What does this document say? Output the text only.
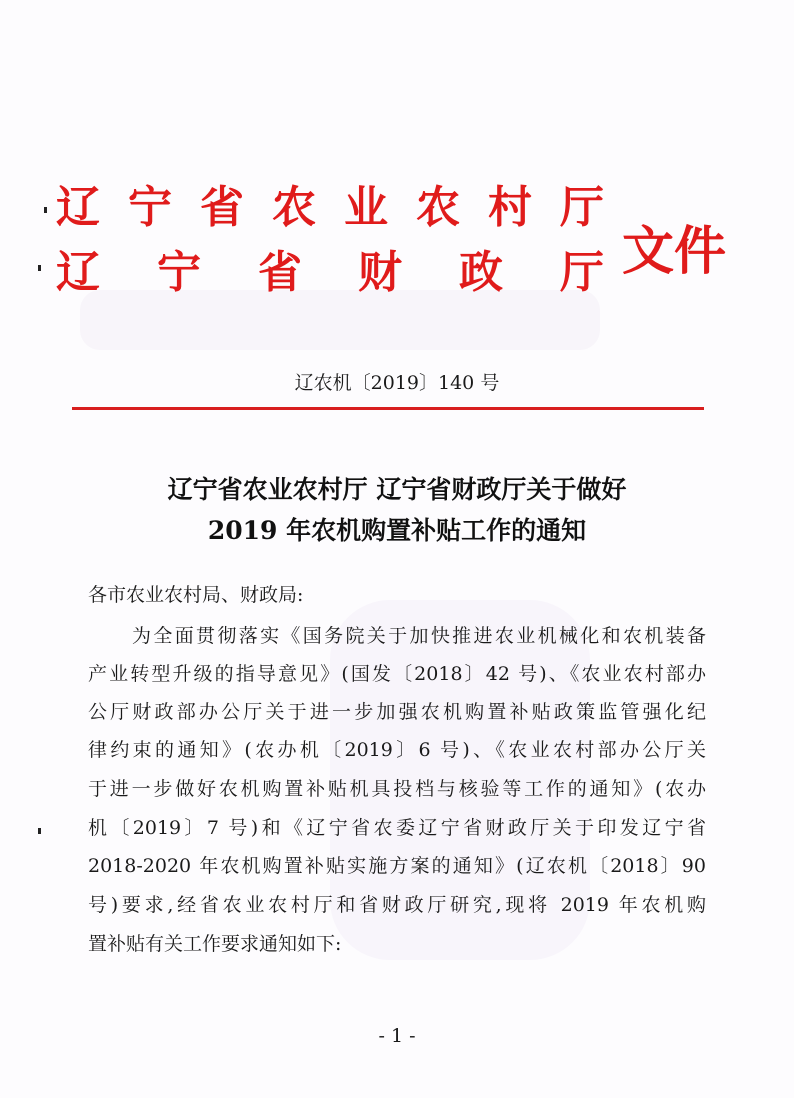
辽 宁 省 农 业 农 村 厅
辽 宁 省 财 政 厅 文件
辽农机〔2019〕140 号
辽宁省农业农村厅 辽宁省财政厅关于做好
2019 年农机购置补贴工作的通知
各市农业农村局、财政局:
为全面贯彻落实《国务院关于加快推进农业机械化和农机装备
产业转型升级的指导意见》(国发〔2018〕42 号)、《农业农村部办
公厅财政部办公厅关于进一步加强农机购置补贴政策监管强化纪
律约束的通知》(农办机〔2019〕6 号)、《农业农村部办公厅关
于进一步做好农机购置补贴机具投档与核验等工作的通知》(农办
机〔2019〕7 号)和《辽宁省农委辽宁省财政厅关于印发辽宁省
2018-2020 年农机购置补贴实施方案的通知》(辽农机〔2018〕90
号)要求,经省农业农村厅和省财政厅研究,现将 2019 年农机购
置补贴有关工作要求通知如下:
- 1 -
